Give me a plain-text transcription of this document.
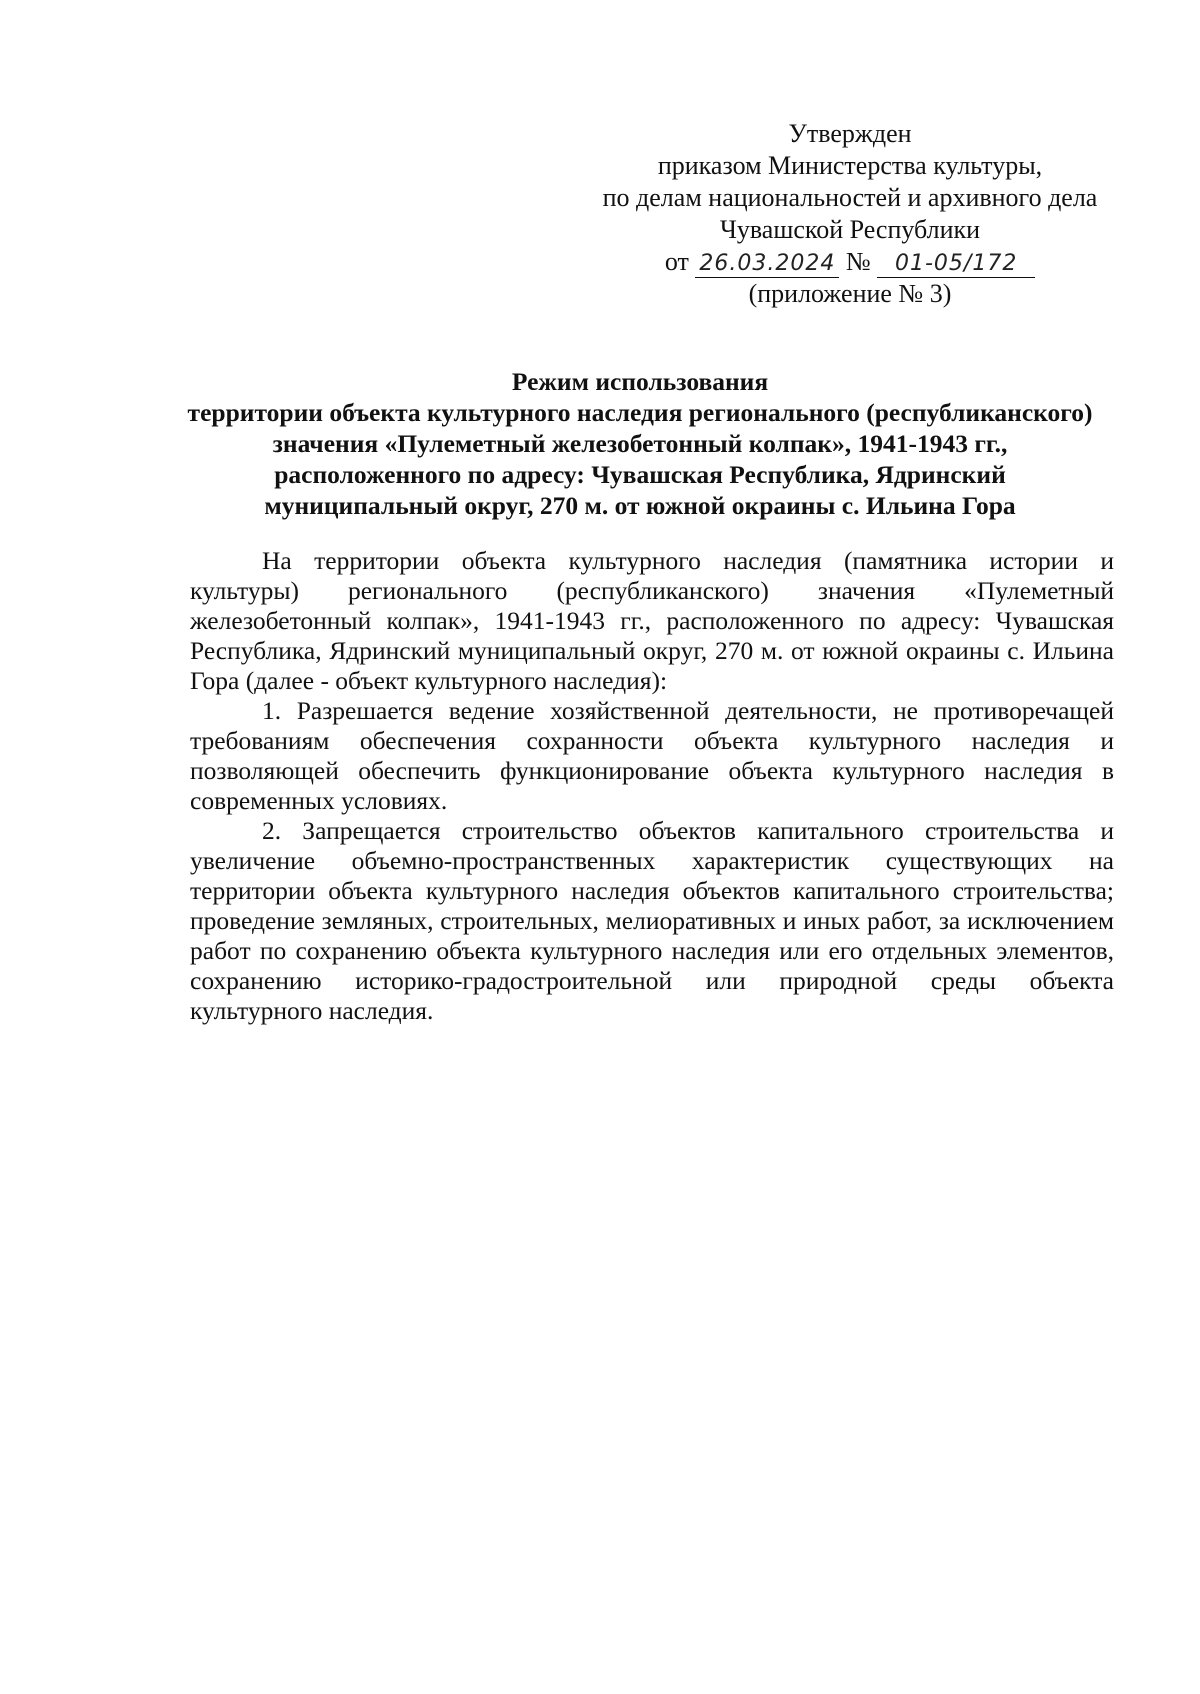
Утвержден
приказом Министерства культуры,
по делам национальностей и архивного дела
Чувашской Республики
от 26.03.2024 № 01-05/172
(приложение № 3)
Режим использования
территории объекта культурного наследия регионального (республиканского)
значения «Пулеметный железобетонный колпак», 1941-1943 гг.,
расположенного по адресу: Чувашская Республика, Ядринский
муниципальный округ, 270 м. от южной окраины с. Ильина Гора

На территории объекта культурного наследия (памятника истории и культуры) регионального (республиканского) значения «Пулеметный железобетонный колпак», 1941-1943 гг., расположенного по адресу: Чувашская Республика, Ядринский муниципальный округ, 270 м. от южной окраины с. Ильина Гора (далее - объект культурного наследия):

1. Разрешается ведение хозяйственной деятельности, не противоречащей требованиям обеспечения сохранности объекта культурного наследия и позволяющей обеспечить функционирование объекта культурного наследия в современных условиях.

2. Запрещается строительство объектов капитального строительства и увеличение объемно-пространственных характеристик существующих на территории объекта культурного наследия объектов капитального строительства; проведение земляных, строительных, мелиоративных и иных работ, за исключением работ по сохранению объекта культурного наследия или его отдельных элементов, сохранению историко-градостроительной или природной среды объекта культурного наследия.
